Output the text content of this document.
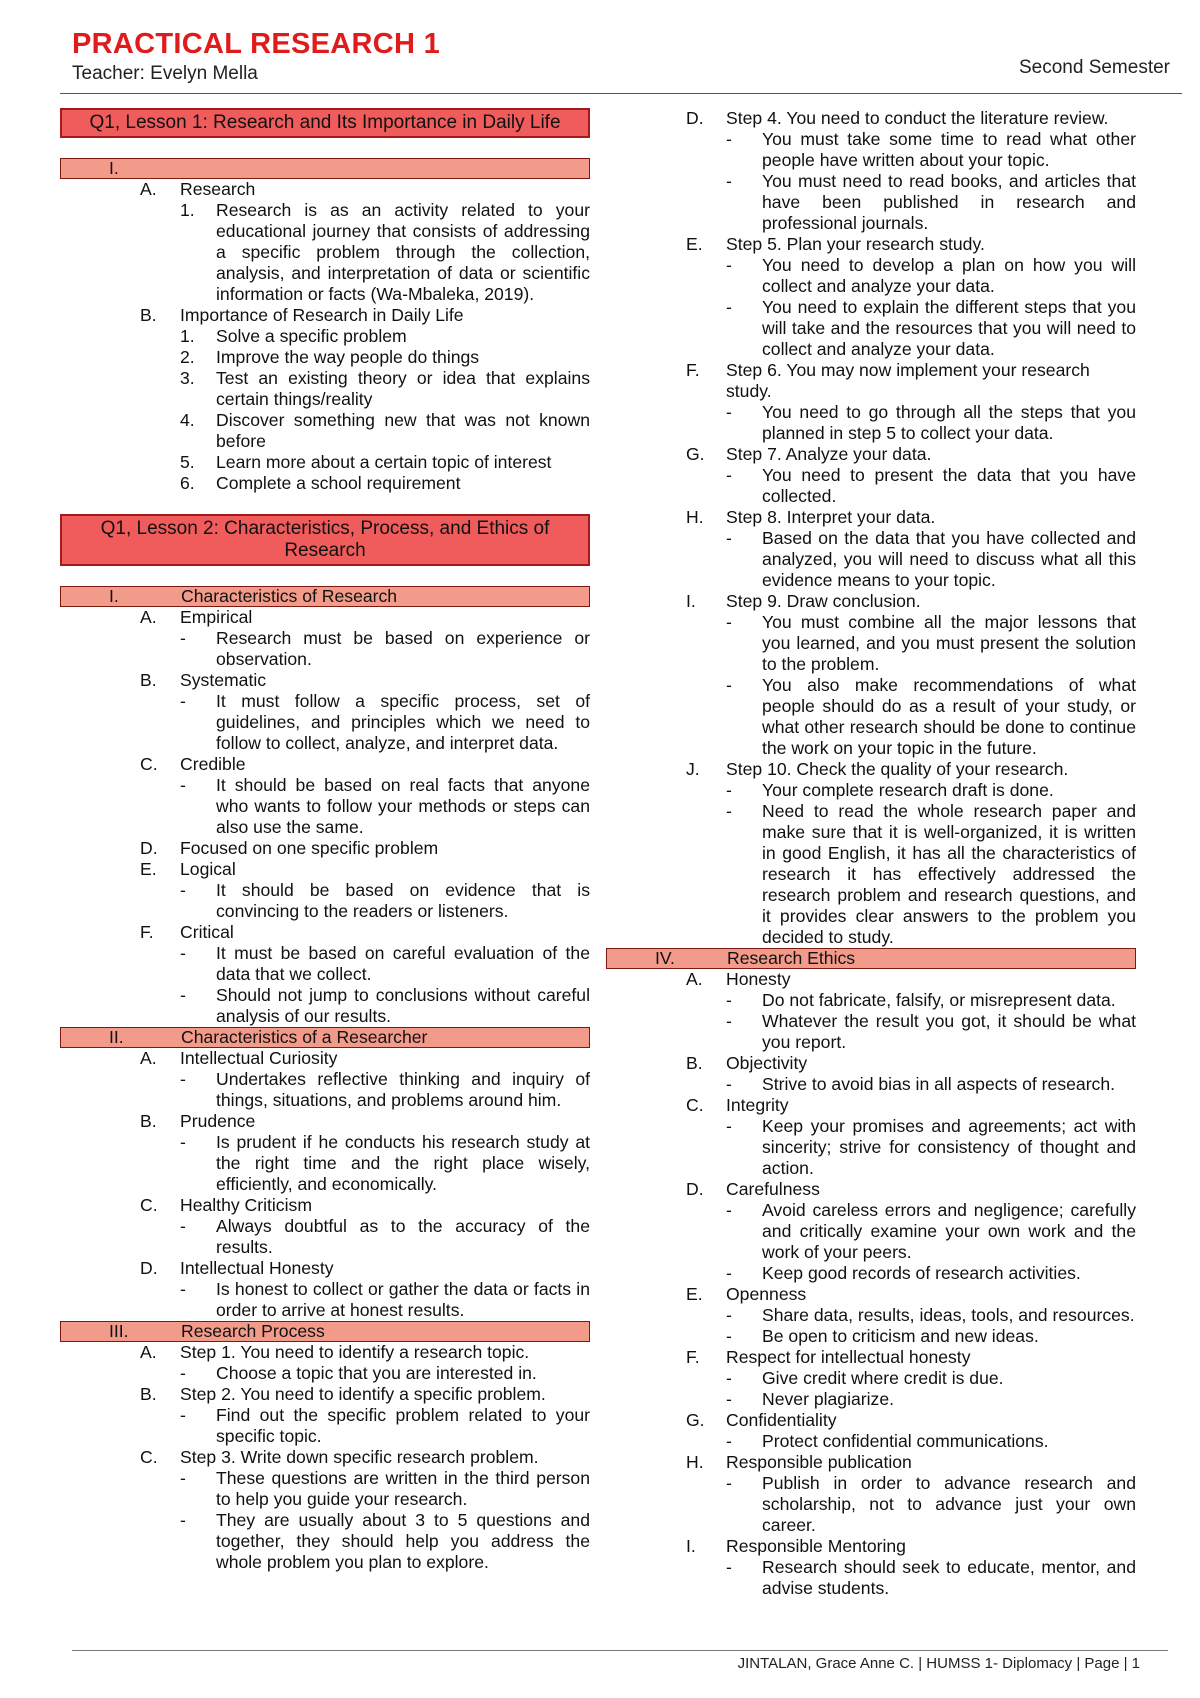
PRACTICAL RESEARCH 1
Teacher: Evelyn Mella	Second Semester
Q1, Lesson 1: Research and Its Importance in Daily Life
I.
A.	Research
1.	Research is as an activity related to your educational journey that consists of addressing a specific problem through the collection, analysis, and interpretation of data or scientific information or facts (Wa-Mbaleka, 2019).
B.	Importance of Research in Daily Life
1.	Solve a specific problem
2.	Improve the way people do things
3.	Test an existing theory or idea that explains certain things/reality
4.	Discover something new that was not known before
5.	Learn more about a certain topic of interest
6.	Complete a school requirement
Q1, Lesson 2: Characteristics, Process, and Ethics of Research
I.	Characteristics of Research
A.	Empirical
-	Research must be based on experience or observation.
B.	Systematic
-	It must follow a specific process, set of guidelines, and principles which we need to follow to collect, analyze, and interpret data.
C.	Credible
-	It should be based on real facts that anyone who wants to follow your methods or steps can also use the same.
D.	Focused on one specific problem
E.	Logical
-	It should be based on evidence that is convincing to the readers or listeners.
F.	Critical
-	It must be based on careful evaluation of the data that we collect.
-	Should not jump to conclusions without careful analysis of our results.
II.	Characteristics of a Researcher
A.	Intellectual Curiosity
-	Undertakes reflective thinking and inquiry of things, situations, and problems around him.
B.	Prudence
-	Is prudent if he conducts his research study at the right time and the right place wisely, efficiently, and economically.
C.	Healthy Criticism
-	Always doubtful as to the accuracy of the results.
D.	Intellectual Honesty
-	Is honest to collect or gather the data or facts in order to arrive at honest results.
III.	Research Process
A.	Step 1. You need to identify a research topic.
-	Choose a topic that you are interested in.
B.	Step 2. You need to identify a specific problem.
-	Find out the specific problem related to your specific topic.
C.	Step 3. Write down specific research problem.
-	These questions are written in the third person to help you guide your research.
-	They are usually about 3 to 5 questions and together, they should help you address the whole problem you plan to explore.
D.	Step 4. You need to conduct the literature review.
-	You must take some time to read what other people have written about your topic.
-	You must need to read books, and articles that have been published in research and professional journals.
E.	Step 5. Plan your research study.
-	You need to develop a plan on how you will collect and analyze your data.
-	You need to explain the different steps that you will take and the resources that you will need to collect and analyze your data.
F.	Step 6. You may now implement your research study.
-	You need to go through all the steps that you planned in step 5 to collect your data.
G.	Step 7. Analyze your data.
-	You need to present the data that you have collected.
H.	Step 8. Interpret your data.
-	Based on the data that you have collected and analyzed, you will need to discuss what all this evidence means to your topic.
I.	Step 9. Draw conclusion.
-	You must combine all the major lessons that you learned, and you must present the solution to the problem.
-	You also make recommendations of what people should do as a result of your study, or what other research should be done to continue the work on your topic in the future.
J.	Step 10. Check the quality of your research.
-	Your complete research draft is done.
-	Need to read the whole research paper and make sure that it is well-organized, it is written in good English, it has all the characteristics of research it has effectively addressed the research problem and research questions, and it provides clear answers to the problem you decided to study.
IV.	Research Ethics
A.	Honesty
-	Do not fabricate, falsify, or misrepresent data.
-	Whatever the result you got, it should be what you report.
B.	Objectivity
-	Strive to avoid bias in all aspects of research.
C.	Integrity
-	Keep your promises and agreements; act with sincerity; strive for consistency of thought and action.
D.	Carefulness
-	Avoid careless errors and negligence; carefully and critically examine your own work and the work of your peers.
-	Keep good records of research activities.
E.	Openness
-	Share data, results, ideas, tools, and resources.
-	Be open to criticism and new ideas.
F.	Respect for intellectual honesty
-	Give credit where credit is due.
-	Never plagiarize.
G.	Confidentiality
-	Protect confidential communications.
H.	Responsible publication
-	Publish in order to advance research and scholarship, not to advance just your own career.
I.	Responsible Mentoring
-	Research should seek to educate, mentor, and advise students.
JINTALAN, Grace Anne C. | HUMSS 1- Diplomacy | Page | 1
